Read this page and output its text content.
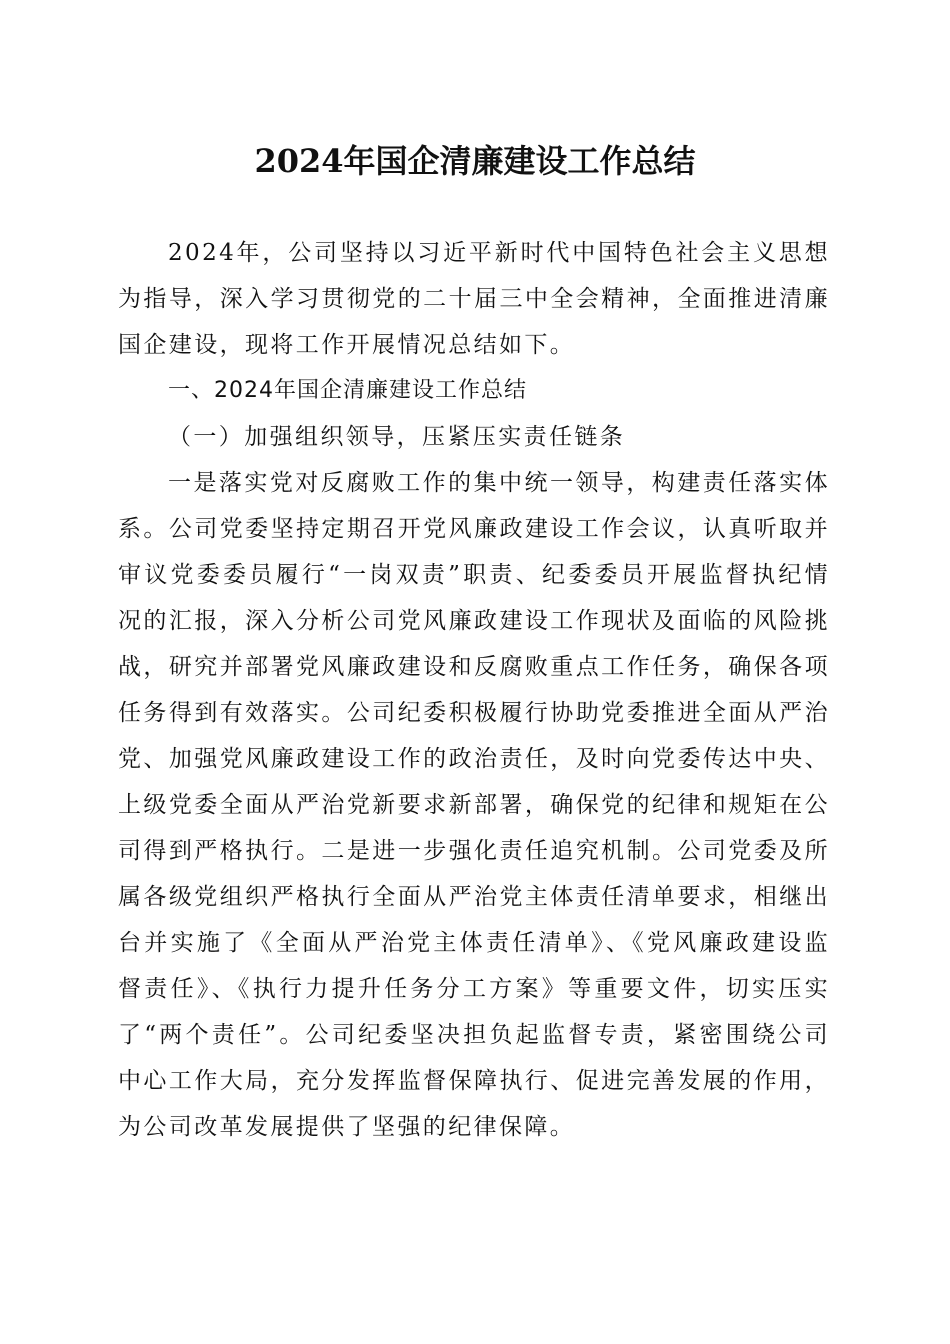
2024年国企清廉建设工作总结

2024年，公司坚持以习近平新时代中国特色社会主义思想为指导，深入学习贯彻党的二十届三中全会精神，全面推进清廉国企建设，现将工作开展情况总结如下。

一、2024年国企清廉建设工作总结

（一）加强组织领导，压紧压实责任链条

一是落实党对反腐败工作的集中统一领导，构建责任落实体系。公司党委坚持定期召开党风廉政建设工作会议，认真听取并审议党委委员履行“一岗双责”职责、纪委委员开展监督执纪情况的汇报，深入分析公司党风廉政建设工作现状及面临的风险挑战，研究并部署党风廉政建设和反腐败重点工作任务，确保各项任务得到有效落实。公司纪委积极履行协助党委推进全面从严治党、加强党风廉政建设工作的政治责任，及时向党委传达中央、上级党委全面从严治党新要求新部署，确保党的纪律和规矩在公司得到严格执行。二是进一步强化责任追究机制。公司党委及所属各级党组织严格执行全面从严治党主体责任清单要求，相继出台并实施了《全面从严治党主体责任清单》、《党风廉政建设监督责任》、《执行力提升任务分工方案》等重要文件，切实压实了“两个责任”。公司纪委坚决担负起监督专责，紧密围绕公司中心工作大局，充分发挥监督保障执行、促进完善发展的作用，为公司改革发展提供了坚强的纪律保障。
